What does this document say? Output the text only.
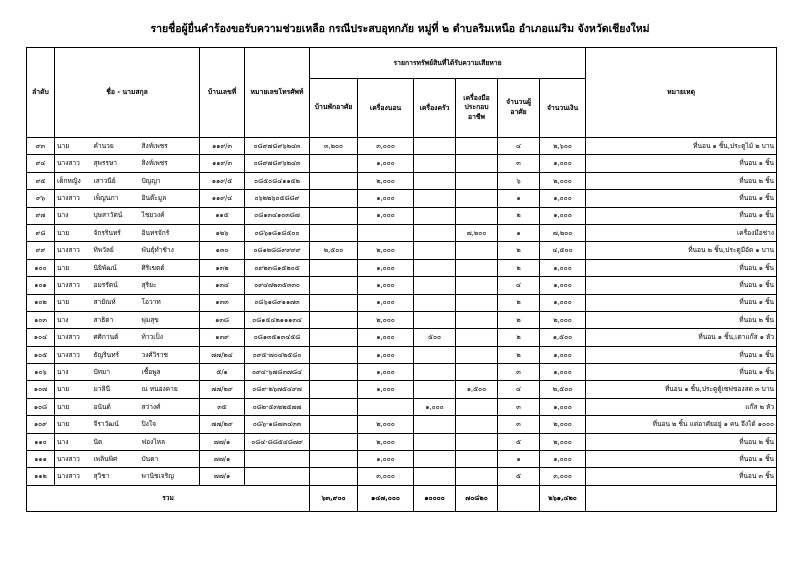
รายชื่อผู้ยื่นคำร้องขอรับความช่วยเหลือ กรณีประสบอุทกภัย หมู่ที่ ๒ ตำบลริมเหนือ อำเภอแม่ริม จังหวัดเชียงใหม่
ลำดับ	ชื่อ - นามสกุล			บ้านเลขที่	หมายเลขโทรศัพท์	รายการทรัพย์สินที่ได้รับความเสียหาย						หมายเหตุ
						บ้านพักอาศัย	เครื่องนอน	เครื่องครัว	เครื่องมือประกอบอาชีพ	จำนวนผู้อาศัย	จำนวนเงิน	
๙๓	นาย	คำนวย	สิงห์เพชร	๑๑๙/๓	๐๘๙๗๘๙๖๒๔๓	๓,๒๐๐	๓,๐๐๐			๔	๒,๖๐๐	ที่นอน ๑ ชิ้น,ประตูไม้ ๒ บาน
๙๔	นางสาว	สุพรรษา	สิงห์เพชร	๑๑๙/๓	๐๘๙๗๘๙๖๒๔๓		๑,๐๐๐			๓	๑,๐๐๐	ที่นอน ๑ ชิ้น
๙๕	เด็กหญิง	เสาวนีย์	ปัญญา	๑๑๙/๕	๐๘๕๐๘๔๑๑๕๒		๒,๐๐๐			๖	๒,๐๐๐	ที่นอน ๒ ชิ้น
๙๖	นางสาว	เพ็ญนภา	อินต๊ะมูล	๑๑๙/๔	๐๖๒๒๖๐๕๘๘๙		๑,๐๐๐			๑	๑,๐๐๐	ที่นอน ๑ ชิ้น
๙๗	นาง	บุษสาวัตน์	ไชยวงค์	๑๑๕	๐๘๑๓๔๑๐๓๘๗		๑,๐๐๐			๒	๑,๐๐๐	ที่นอน ๑ ชิ้น
๙๘	นาย	จักรรินทร์	อินทรจักร์	๑๒๖	๐๘๖๑๘๑๘๕๐๐				๗,๒๐๐	๑	๗,๒๐๐	เครื่องมือช่าง
๙๙	นางสาว	ทิพวัลย์	พันธุ์ทำช้าง	๑๓๐	๐๘๑๒๘๘๙๙๙๙	๒,๕๐๐	๒,๐๐๐			๒	๔,๕๐๐	ที่นอน ๒ ชิ้น,ประตูมีอัด ๑ บาน
๑๐๐	นาย	นิยิพัฒน์	ศิริเขตต์	๑๓๒	๐๙๒๓๘๑๕๒๐๕		๑,๐๐๐			๒	๑,๐๐๐	ที่นอน ๑ ชิ้น
๑๐๑	นางสาว	อมรรัตน์	สุริยะ	๑๓๔	๐๙๔๗๒๓๕๓๓๐		๑,๐๐๐			๔	๑,๐๐๐	ที่นอน ๑ ชิ้น
๑๐๒	นาย	สายัณห์	โอวาท	๑๓๓	๐๘๖๑๘๙๑๑๗๓		๑,๐๐๐			๒	๑,๐๐๐	ที่นอน ๑ ชิ้น
๑๐๓	นาง	สาธิตา	พุ่มสุข	๑๓๘	๐๘๑๕๔๒๑๑๑๓๔		๒,๐๐๐			๒	๒,๐๐๐	ที่นอน ๒ ชิ้น
๑๐๔	นางสาว	ศศิกานต์	ท้าวเป็ง	๑๓๙	๐๘๑๓๕๑๓๔๕๘		๑,๐๐๐	๕๐๐		๒	๑,๕๐๐	ที่นอน ๑ ชิ้น,เตาแก๊ส ๑ หัว
๑๐๕	นางสาว	ธัญรินทร์	วงศ์วิราช	๗๗/๒๔	๐๙๕-๗๐๔๒๕๘๐		๑,๐๐๐			๒	๑,๐๐๐	ที่นอน ๑ ชิ้น
๑๐๖	นาง	ปัทมา	เชื้อพูล	๕/๑	๐๙๔-๖๗๘๓๗๘๔		๑,๐๐๐			๓	๑,๐๐๐	ที่นอน ๑ ชิ้น
๑๐๗	นาย	มาลินี	ณ หนองคาย	๗๗/๒๙	๐๘๙-๒๖๗๕๔๙๗		๑,๐๐๐		๑,๕๐๐	๔	๒,๕๐๐	ที่นอน ๑ ชิ้น,ประตูตู้เซฟของสด ๓ บาน
๑๐๘	นาย	อนันต์	สว่างศ์	๓๕	๐๘๒-๕๓๒๒๕๗๗			๑,๐๐๐		๓	๑,๐๐๐	แก๊ส ๒ หัว
๑๐๙	นาย	จีราวัฒน์	ปิงใจ	๗๗/๒๙	๐๘๖-๑๘๗๓๔๓๓		๒,๐๐๐			๓	๒,๐๐๐	ที่นอน ๒ ชิ้น แต่อาศัยอยู่ ๑ คน จึงได้ ๑๐๐๐
๑๑๐	นาง	นิด	ฟองไหล	๗๗/๑	๐๘๔-๘๘๕๔๘๗๙		๒,๐๐๐			๕	๒,๐๐๐	ที่นอน ๒ ชิ้น
๑๑๑	นางสาว	เพลินพิศ	บันดา	๗๗/๑			๑,๐๐๐			๑	๑,๐๐๐	ที่นอน ๑ ชิ้น
๑๑๒	นางสาว	สุวิชา	พานิชเจริญ	๗๗/๑			๓,๐๐๐			๕	๓,๐๐๐	ที่นอน ๓ ชิ้น
รวม						๖๓,๙๐๐	๑๔๗,๐๐๐	๑๐๐๐๐	๗๐๘๒๐		๒๖๑,๔๒๐	
